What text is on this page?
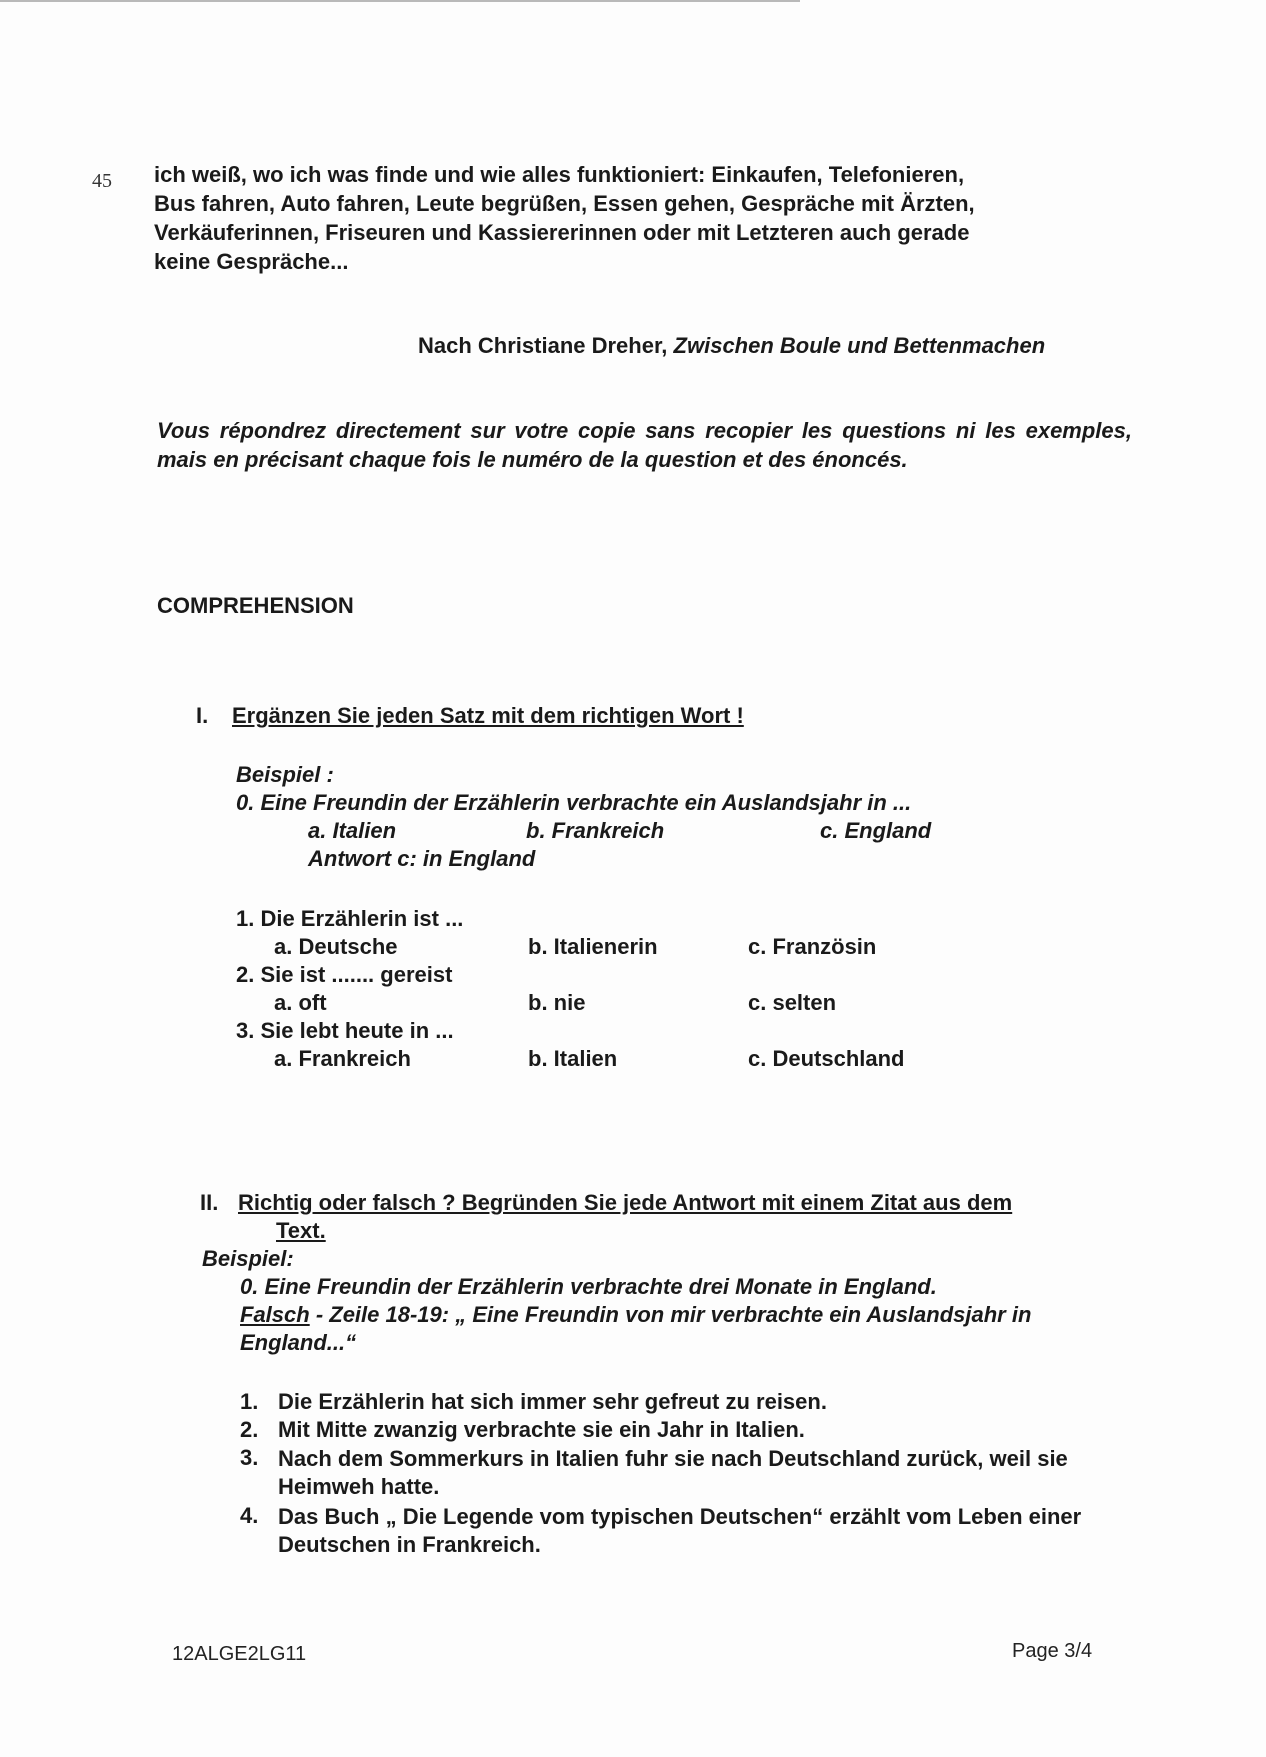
45 ich weiß, wo ich was finde und wie alles funktioniert: Einkaufen, Telefonieren,
Bus fahren, Auto fahren, Leute begrüßen, Essen gehen, Gespräche mit Ärzten,
Verkäuferinnen, Friseuren und Kassiererinnen oder mit Letzteren auch gerade
keine Gespräche...
Nach Christiane Dreher, Zwischen Boule und Bettenmachen
Vous répondrez directement sur votre copie sans recopier les questions ni les exemples, mais en précisant chaque fois le numéro de la question et des énoncés.
COMPREHENSION
I. Ergänzen Sie jeden Satz mit dem richtigen Wort !
Beispiel :
0. Eine Freundin der Erzählerin verbrachte ein Auslandsjahr in ...
a. Italien	b. Frankreich	c. England
Antwort c: in England
1. Die Erzählerin ist ...
a. Deutsche	b. Italienerin	c. Französin
2. Sie ist ....... gereist
a. oft	b. nie	c. selten
3. Sie lebt heute in ...
a. Frankreich	b. Italien	c. Deutschland
II. Richtig oder falsch ? Begründen Sie jede Antwort mit einem Zitat aus dem
Text.
Beispiel:
0. Eine Freundin der Erzählerin verbrachte drei Monate in England.
Falsch - Zeile 18-19: „ Eine Freundin von mir verbrachte ein Auslandsjahr in
England...“
1. Die Erzählerin hat sich immer sehr gefreut zu reisen.
2. Mit Mitte zwanzig verbrachte sie ein Jahr in Italien.
3. Nach dem Sommerkurs in Italien fuhr sie nach Deutschland zurück, weil sie Heimweh hatte.
4. Das Buch „ Die Legende vom typischen Deutschen“ erzählt vom Leben einer Deutschen in Frankreich.
12ALGE2LG11	Page 3/4
